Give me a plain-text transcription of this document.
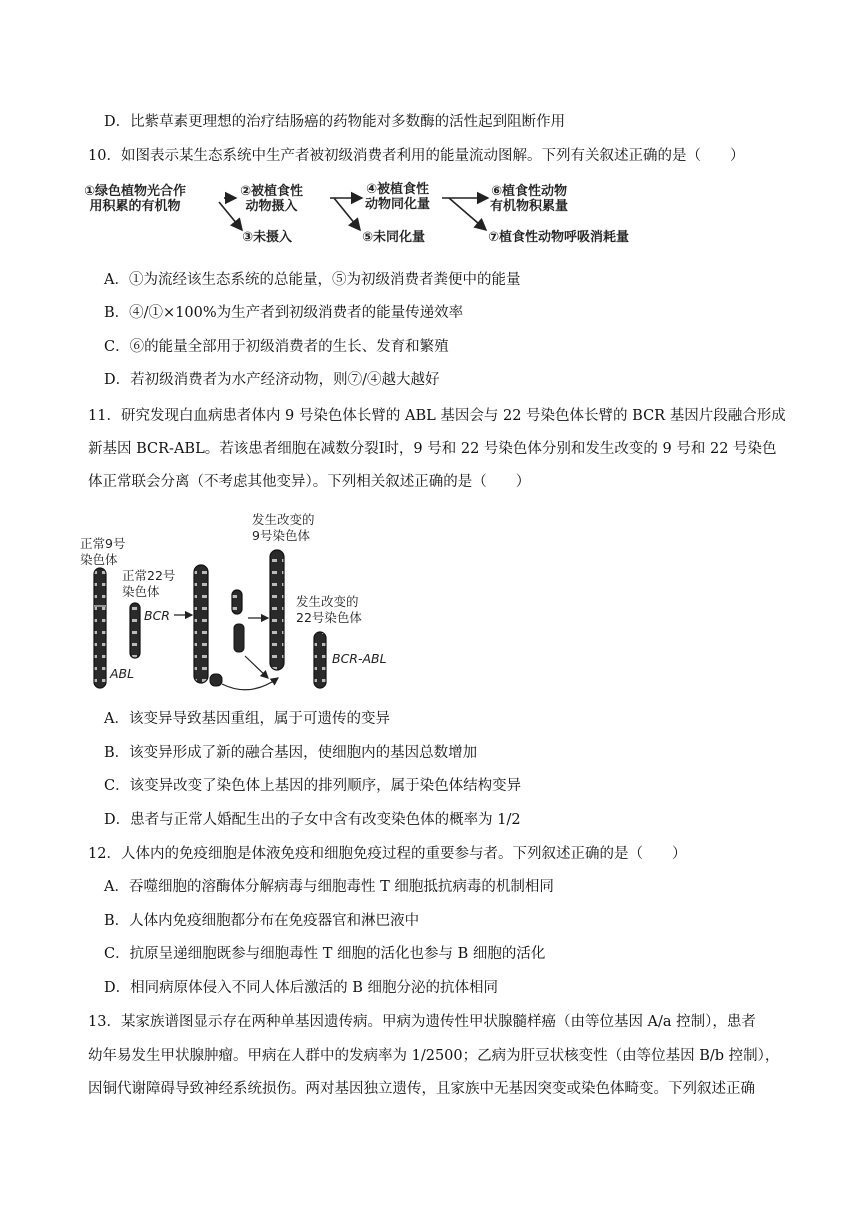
D．比紫草素更理想的治疗结肠癌的药物能对多数酶的活性起到阻断作用
10．如图表示某生态系统中生产者被初级消费者利用的能量流动图解。下列有关叙述正确的是（　　）
①绿色植物光合作
用积累的有机物
②被植食性
动物摄入
③未摄入
④被植食性
动物同化量
⑤未同化量
⑥植食性动物
有机物积累量
⑦植食性动物呼吸消耗量
A．①为流经该生态系统的总能量，⑤为初级消费者粪便中的能量
B．④/①×100%为生产者到初级消费者的能量传递效率
C．⑥的能量全部用于初级消费者的生长、发育和繁殖
D．若初级消费者为水产经济动物，则⑦/④越大越好
11．研究发现白血病患者体内 9 号染色体长臂的 ABL 基因会与 22 号染色体长臂的 BCR 基因片段融合形成
新基因 BCR-ABL。若该患者细胞在减数分裂Ⅰ时，9 号和 22 号染色体分别和发生改变的 9 号和 22 号染色
体正常联会分离（不考虑其他变异）。下列相关叙述正确的是（　　）
正常9号
染色体
正常22号
染色体
BCR
ABL
发生改变的
9号染色体
发生改变的
22号染色体
BCR-ABL
A．该变异导致基因重组，属于可遗传的变异
B．该变异形成了新的融合基因，使细胞内的基因总数增加
C．该变异改变了染色体上基因的排列顺序，属于染色体结构变异
D．患者与正常人婚配生出的子女中含有改变染色体的概率为 1/2
12．人体内的免疫细胞是体液免疫和细胞免疫过程的重要参与者。下列叙述正确的是（　　）
A．吞噬细胞的溶酶体分解病毒与细胞毒性 T 细胞抵抗病毒的机制相同
B．人体内免疫细胞都分布在免疫器官和淋巴液中
C．抗原呈递细胞既参与细胞毒性 T 细胞的活化也参与 B 细胞的活化
D．相同病原体侵入不同人体后激活的 B 细胞分泌的抗体相同
13．某家族谱图显示存在两种单基因遗传病。甲病为遗传性甲状腺髓样癌（由等位基因 A/a 控制），患者
幼年易发生甲状腺肿瘤。甲病在人群中的发病率为 1/2500；乙病为肝豆状核变性（由等位基因 B/b 控制），
因铜代谢障碍导致神经系统损伤。两对基因独立遗传，且家族中无基因突变或染色体畸变。下列叙述正确
